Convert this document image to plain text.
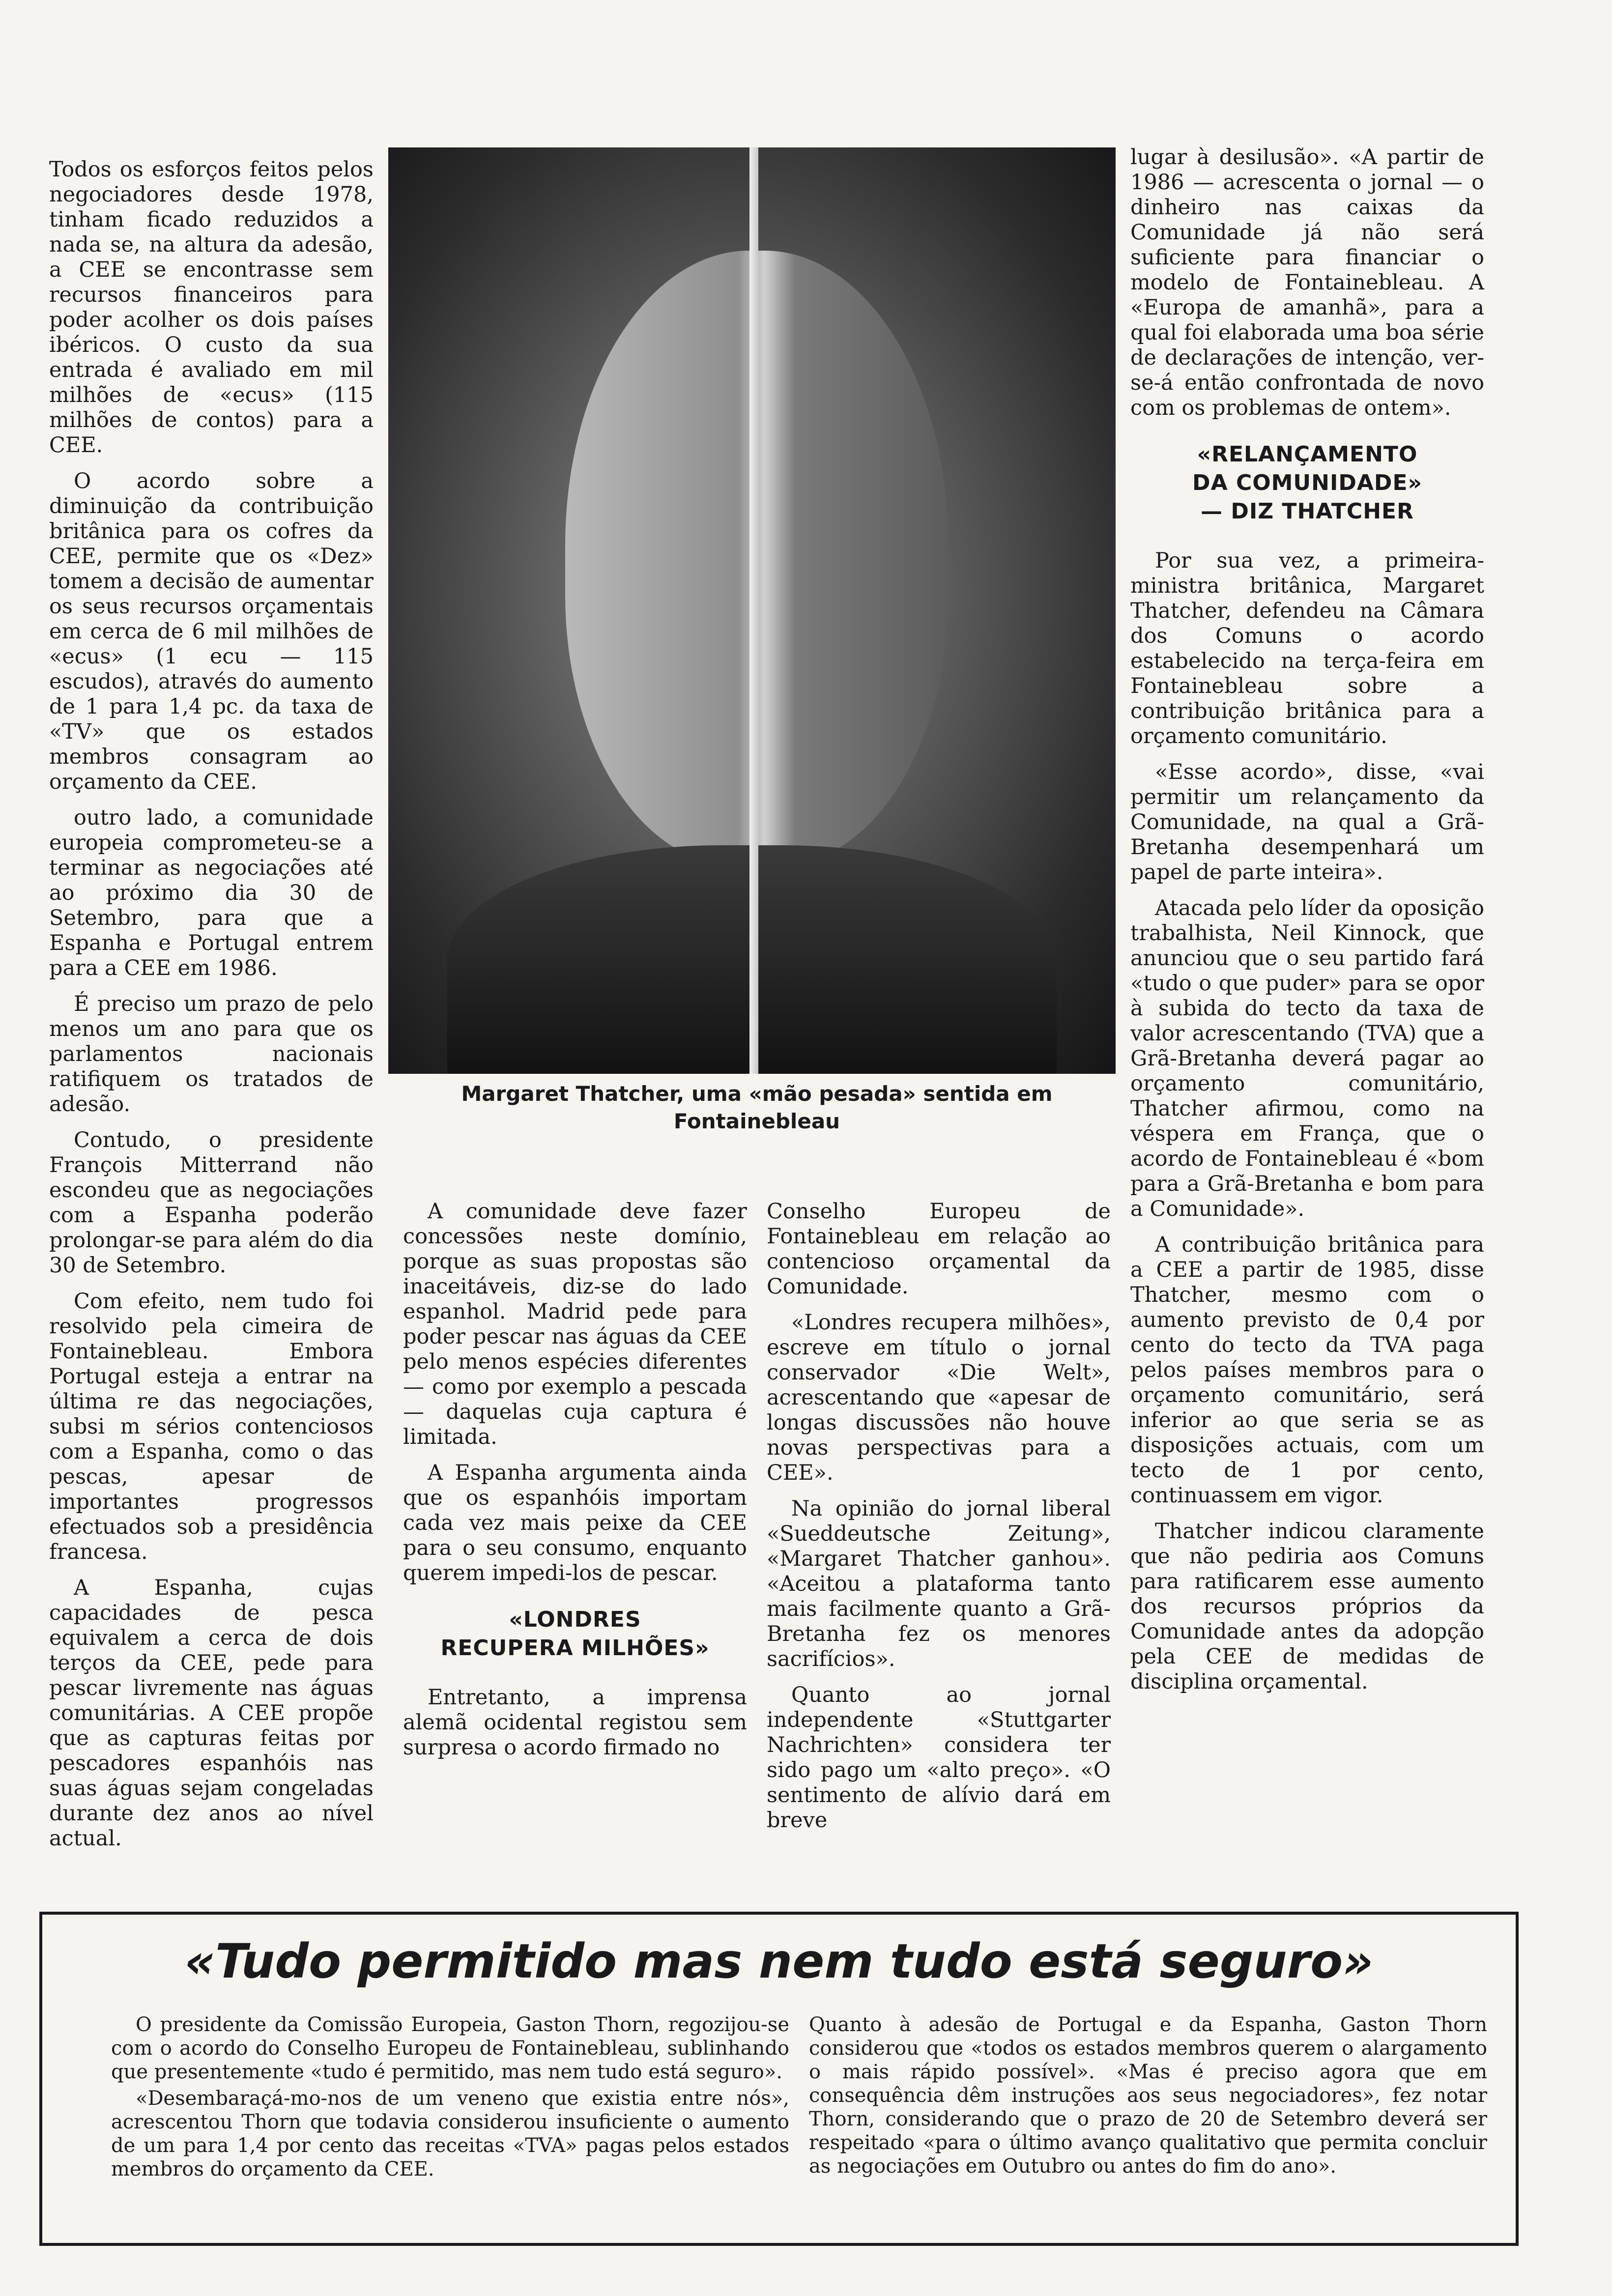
Todos os esforços feitos pelos negociadores desde 1978, tinham ficado reduzidos a nada se, na altura da adesão, a CEE se encontrasse sem recursos financeiros para poder acolher os dois países ibéricos. O custo da sua entrada é avaliado em mil milhões de «ecus» (115 milhões de contos) para a CEE.

O acordo sobre a diminuição da contribuição britânica para os cofres da CEE, permite que os «Dez» tomem a decisão de aumentar os seus recursos orçamentais em cerca de 6 mil milhões de «ecus» (1 ecu — 115 escudos), através do aumento de 1 para 1,4 pc. da taxa de «TV» que os estados membros consagram ao orçamento da CEE.

outro lado, a comunidade europeia comprometeu-se a terminar as negociações até ao próximo dia 30 de Setembro, para que a Espanha e Portugal entrem para a CEE em 1986.

É preciso um prazo de pelo menos um ano para que os parlamentos nacionais ratifiquem os tratados de adesão.

Contudo, o presidente François Mitterrand não escondeu que as negociações com a Espanha poderão prolongar-se para além do dia 30 de Setembro.

Com efeito, nem tudo foi resolvido pela cimeira de Fontainebleau. Embora Portugal esteja a entrar na última re das negociações, subsi m sérios contenciosos com a Espanha, como o das pescas, apesar de importantes progressos efectuados sob a presidência francesa.

A Espanha, cujas capacidades de pesca equivalem a cerca de dois terços da CEE, pede para pescar livremente nas águas comunitárias. A CEE propõe que as capturas feitas por pescadores espanhóis nas suas águas sejam congeladas durante dez anos ao nível actual.

Margaret Thatcher, uma «mão pesada» sentida em Fontainebleau

A comunidade deve fazer concessões neste domínio, porque as suas propostas são inaceitáveis, diz-se do lado espanhol. Madrid pede para poder pescar nas águas da CEE pelo menos espécies diferentes — como por exemplo a pescada — daquelas cuja captura é limitada.

A Espanha argumenta ainda que os espanhóis importam cada vez mais peixe da CEE para o seu consumo, enquanto querem impedi-los de pescar.

«LONDRES
RECUPERA MILHÕES»

Entretanto, a imprensa alemã ocidental registou sem surpresa o acordo firmado no

Conselho Europeu de Fontainebleau em relação ao contencioso orçamental da Comunidade.

«Londres recupera milhões», escreve em título o jornal conservador «Die Welt», acrescentando que «apesar de longas discussões não houve novas perspectivas para a CEE».

Na opinião do jornal liberal «Sueddeutsche Zeitung», «Margaret Thatcher ganhou». «Aceitou a plataforma tanto mais facilmente quanto a Grã-Bretanha fez os menores sacrifícios».

Quanto ao jornal independente «Stuttgarter Nachrichten» considera ter sido pago um «alto preço». «O sentimento de alívio dará em breve

lugar à desilusão». «A partir de 1986 — acrescenta o jornal — o dinheiro nas caixas da Comunidade já não será suficiente para financiar o modelo de Fontainebleau. A «Europa de amanhã», para a qual foi elaborada uma boa série de declarações de intenção, ver-se-á então confrontada de novo com os problemas de ontem».

«RELANÇAMENTO
DA COMUNIDADE»
— DIZ THATCHER

Por sua vez, a primeira-ministra britânica, Margaret Thatcher, defendeu na Câmara dos Comuns o acordo estabelecido na terça-feira em Fontainebleau sobre a contribuição britânica para a orçamento comunitário.

«Esse acordo», disse, «vai permitir um relançamento da Comunidade, na qual a Grã-Bretanha desempenhará um papel de parte inteira».

Atacada pelo líder da oposição trabalhista, Neil Kinnock, que anunciou que o seu partido fará «tudo o que puder» para se opor à subida do tecto da taxa de valor acrescentando (TVA) que a Grã-Bretanha deverá pagar ao orçamento comunitário, Thatcher afirmou, como na véspera em França, que o acordo de Fontainebleau é «bom para a Grã-Bretanha e bom para a Comunidade».

A contribuição britânica para a CEE a partir de 1985, disse Thatcher, mesmo com o aumento previsto de 0,4 por cento do tecto da TVA paga pelos países membros para o orçamento comunitário, será inferior ao que seria se as disposições actuais, com um tecto de 1 por cento, continuassem em vigor.

Thatcher indicou claramente que não pediria aos Comuns para ratificarem esse aumento dos recursos próprios da Comunidade antes da adopção pela CEE de medidas de disciplina orçamental.

«Tudo permitido mas nem tudo está seguro»

O presidente da Comissão Europeia, Gaston Thorn, regozijou-se com o acordo do Conselho Europeu de Fontainebleau, sublinhando que presentemente «tudo é permitido, mas nem tudo está seguro».

«Desembaraçá-mo-nos de um veneno que existia entre nós», acrescentou Thorn que todavia considerou insuficiente o aumento de um para 1,4 por cento das receitas «TVA» pagas pelos estados membros do orçamento da CEE.

Quanto à adesão de Portugal e da Espanha, Gaston Thorn considerou que «todos os estados membros querem o alargamento o mais rápido possível». «Mas é preciso agora que em consequência dêm instruções aos seus negociadores», fez notar Thorn, considerando que o prazo de 20 de Setembro deverá ser respeitado «para o último avanço qualitativo que permita concluir as negociações em Outubro ou antes do fim do ano».
